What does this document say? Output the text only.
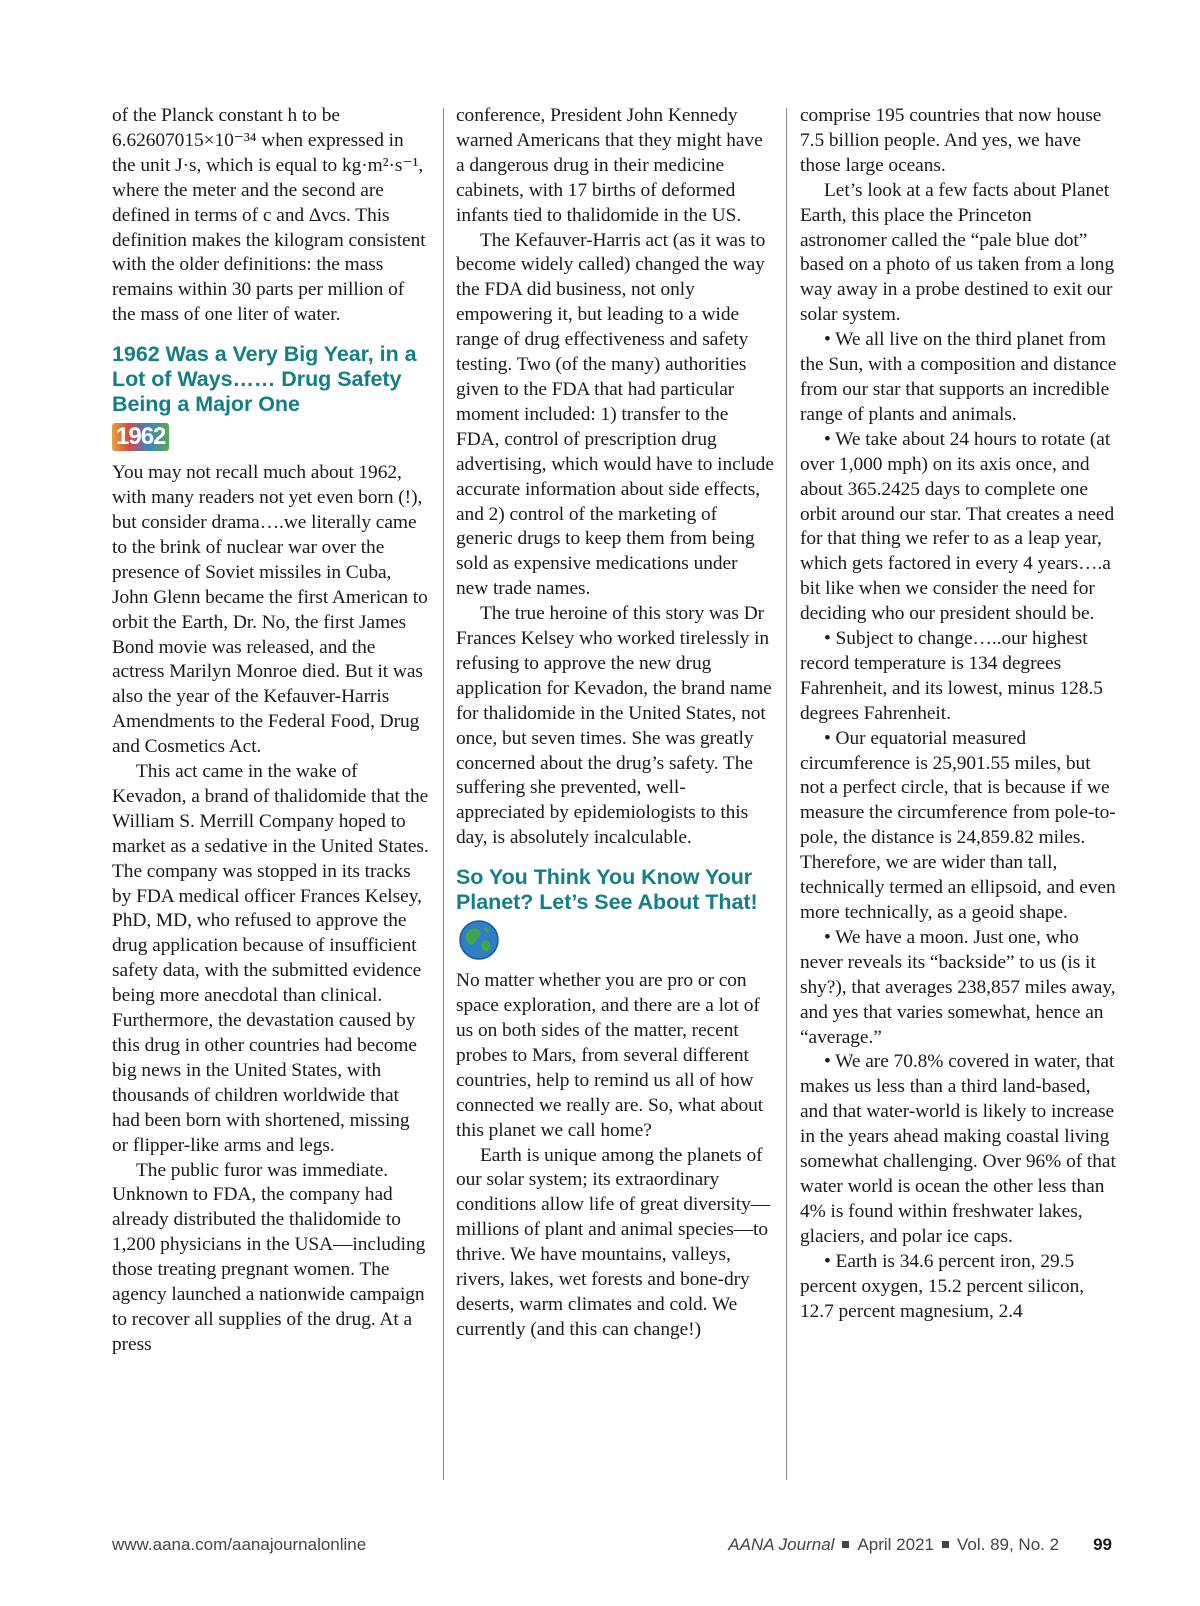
of the Planck constant h to be 6.62607015×10⁻³⁴ when expressed in the unit J·s, which is equal to kg·m²·s⁻¹, where the meter and the second are defined in terms of c and Δνcs. This definition makes the kilogram consistent with the older definitions: the mass remains within 30 parts per million of the mass of one liter of water.

1962 Was a Very Big Year, in a Lot of Ways…… Drug Safety Being a Major One
1962

You may not recall much about 1962, with many readers not yet even born (!), but consider drama….we literally came to the brink of nuclear war over the presence of Soviet missiles in Cuba, John Glenn became the first American to orbit the Earth, Dr. No, the first James Bond movie was released, and the actress Marilyn Monroe died. But it was also the year of the Kefauver-Harris Amendments to the Federal Food, Drug and Cosmetics Act.

This act came in the wake of Kevadon, a brand of thalidomide that the William S. Merrill Company hoped to market as a sedative in the United States. The company was stopped in its tracks by FDA medical officer Frances Kelsey, PhD, MD, who refused to approve the drug application because of insufficient safety data, with the submitted evidence being more anecdotal than clinical. Furthermore, the devastation caused by this drug in other countries had become big news in the United States, with thousands of children worldwide that had been born with shortened, missing or flipper-like arms and legs.

The public furor was immediate. Unknown to FDA, the company had already distributed the thalidomide to 1,200 physicians in the USA—including those treating pregnant women. The agency launched a nationwide campaign to recover all supplies of the drug. At a press

conference, President John Kennedy warned Americans that they might have a dangerous drug in their medicine cabinets, with 17 births of deformed infants tied to thalidomide in the US.

The Kefauver-Harris act (as it was to become widely called) changed the way the FDA did business, not only empowering it, but leading to a wide range of drug effectiveness and safety testing. Two (of the many) authorities given to the FDA that had particular moment included: 1) transfer to the FDA, control of prescription drug advertising, which would have to include accurate information about side effects, and 2) control of the marketing of generic drugs to keep them from being sold as expensive medications under new trade names.

The true heroine of this story was Dr Frances Kelsey who worked tirelessly in refusing to approve the new drug application for Kevadon, the brand name for thalidomide in the United States, not once, but seven times. She was greatly concerned about the drug’s safety. The suffering she prevented, well-appreciated by epidemiologists to this day, is absolutely incalculable.

So You Think You Know Your Planet? Let’s See About That!

No matter whether you are pro or con space exploration, and there are a lot of us on both sides of the matter, recent probes to Mars, from several different countries, help to remind us all of how connected we really are. So, what about this planet we call home?

Earth is unique among the planets of our solar system; its extraordinary conditions allow life of great diversity—millions of plant and animal species—to thrive. We have mountains, valleys, rivers, lakes, wet forests and bone-dry deserts, warm climates and cold. We currently (and this can change!)

comprise 195 countries that now house 7.5 billion people. And yes, we have those large oceans.

Let’s look at a few facts about Planet Earth, this place the Princeton astronomer called the “pale blue dot” based on a photo of us taken from a long way away in a probe destined to exit our solar system.

• We all live on the third planet from the Sun, with a composition and distance from our star that supports an incredible range of plants and animals.

• We take about 24 hours to rotate (at over 1,000 mph) on its axis once, and about 365.2425 days to complete one orbit around our star. That creates a need for that thing we refer to as a leap year, which gets factored in every 4 years….a bit like when we consider the need for deciding who our president should be.

• Subject to change…..our highest record temperature is 134 degrees Fahrenheit, and its lowest, minus 128.5 degrees Fahrenheit.

• Our equatorial measured circumference is 25,901.55 miles, but not a perfect circle, that is because if we measure the circumference from pole-to-pole, the distance is 24,859.82 miles. Therefore, we are wider than tall, technically termed an ellipsoid, and even more technically, as a geoid shape.

• We have a moon. Just one, who never reveals its “backside” to us (is it shy?), that averages 238,857 miles away, and yes that varies somewhat, hence an “average.”

• We are 70.8% covered in water, that makes us less than a third land-based, and that water-world is likely to increase in the years ahead making coastal living somewhat challenging. Over 96% of that water world is ocean the other less than 4% is found within freshwater lakes, glaciers, and polar ice caps.

• Earth is 34.6 percent iron, 29.5 percent oxygen, 15.2 percent silicon, 12.7 percent magnesium, 2.4

www.aana.com/aanajournalonline	AANA Journal April 2021 Vol. 89, No. 2 99
